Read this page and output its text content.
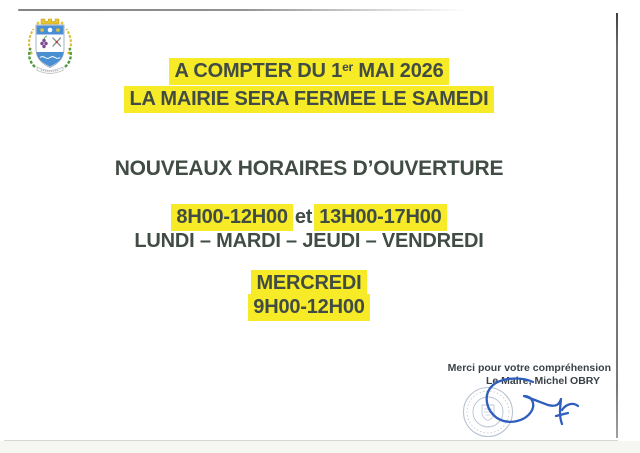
A COMPTER DU 1er MAI 2026
LA MAIRIE SERA FERMEE LE SAMEDI
NOUVEAUX HORAIRES D’OUVERTURE
8H00-12H00 et 13H00-17H00
LUNDI – MARDI – JEUDI – VENDREDI
MERCREDI
9H00-12H00
Merci pour votre compréhension
Le Maire, Michel OBRY
